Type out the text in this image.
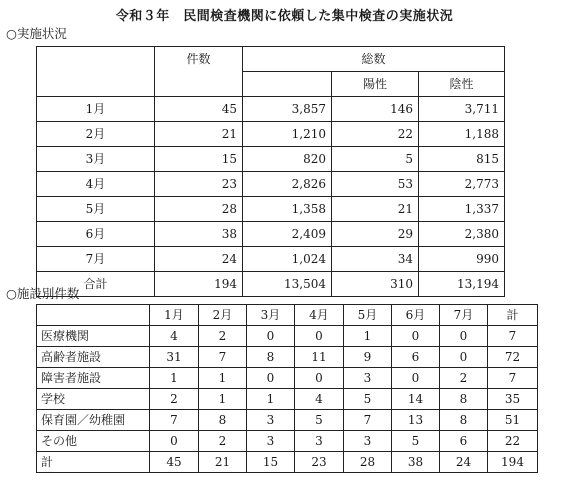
令和３年　民間検査機関に依頼した集中検査の実施状況
○実施状況
	件数	総数		
			陽性	陰性
1月	45	3,857	146	3,711
2月	21	1,210	22	1,188
3月	15	820	5	815
4月	23	2,826	53	2,773
5月	28	1,358	21	1,337
6月	38	2,409	29	2,380
7月	24	1,024	34	990
合計	194	13,504	310	13,194
○施設別件数
	1月	2月	3月	4月	5月	6月	7月	計
医療機関	4	2	0	0	1	0	0	7
高齢者施設	31	7	8	11	9	6	0	72
障害者施設	1	1	0	0	3	0	2	7
学校	2	1	1	4	5	14	8	35
保育園／幼稚園	7	8	3	5	7	13	8	51
その他	0	2	3	3	3	5	6	22
計	45	21	15	23	28	38	24	194
